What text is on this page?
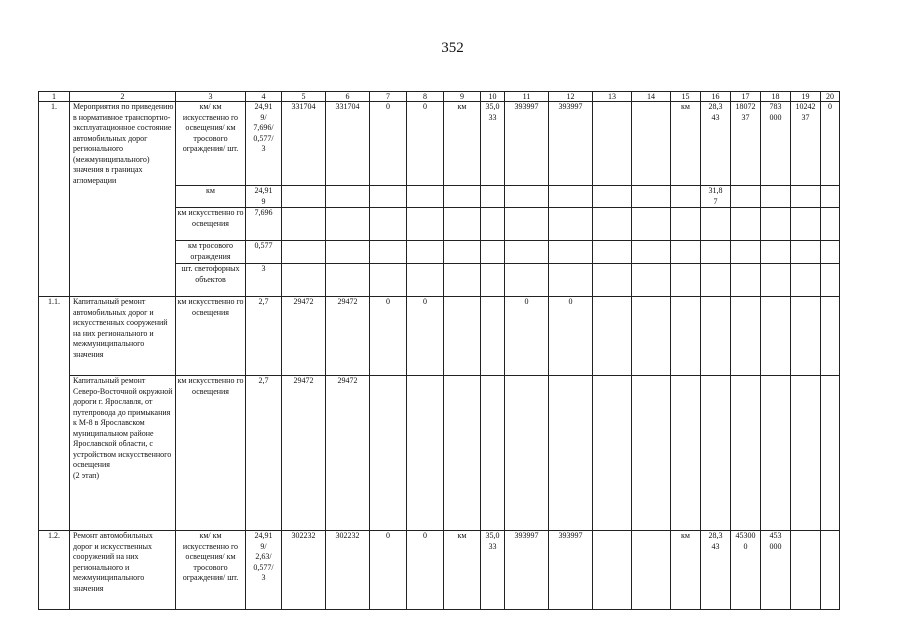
352
1	2	3	4	5	6	7	8	9	10	11	12	13	14	15	16	17	18	19	20
1.	Мероприятия по приведению в нормативное транспортно-эксплуатационное состояние автомобильных дорог регионального (межмуниципального) значения в границах агломерации	км/ км искусственно го освещения/ км тросового ограждения/ шт.	24,91
9/
7,696/
0,577/
3	331704	331704	0	0	км	35,0
33	393997	393997			км	28,3
43	18072
37	783
000	10242
37	0
		км	24,91
9												31,8
7				
		км искусственно го освещения	7,696																
		км тросового ограждения	0,577																
		шт. светофорных объектов	3																
1.1.	Капитальный ремонт автомобильных дорог и искусственных сооружений на них регионального и межмуниципального значения	км искусственно го освещения	2,7	29472	29472	0	0			0	0								
	Капитальный ремонт Северо-Восточной окружной дороги г. Ярославля, от путепровода до примыкания к М-8 в Ярославском муниципальном районе Ярославской области, с устройством искусственного освещения
(2 этап)	км искусственно го освещения	2,7	29472	29472														
1.2.	Ремонт автомобильных дорог и искусственных сооружений на них регионального и межмуниципального значения	км/ км искусственно го освещения/ км тросового ограждения/ шт.	24,91
9/
2,63/
0,577/
3	302232	302232	0	0	км	35,0
33	393997	393997			км	28,3
43	45300
0	453
000		
